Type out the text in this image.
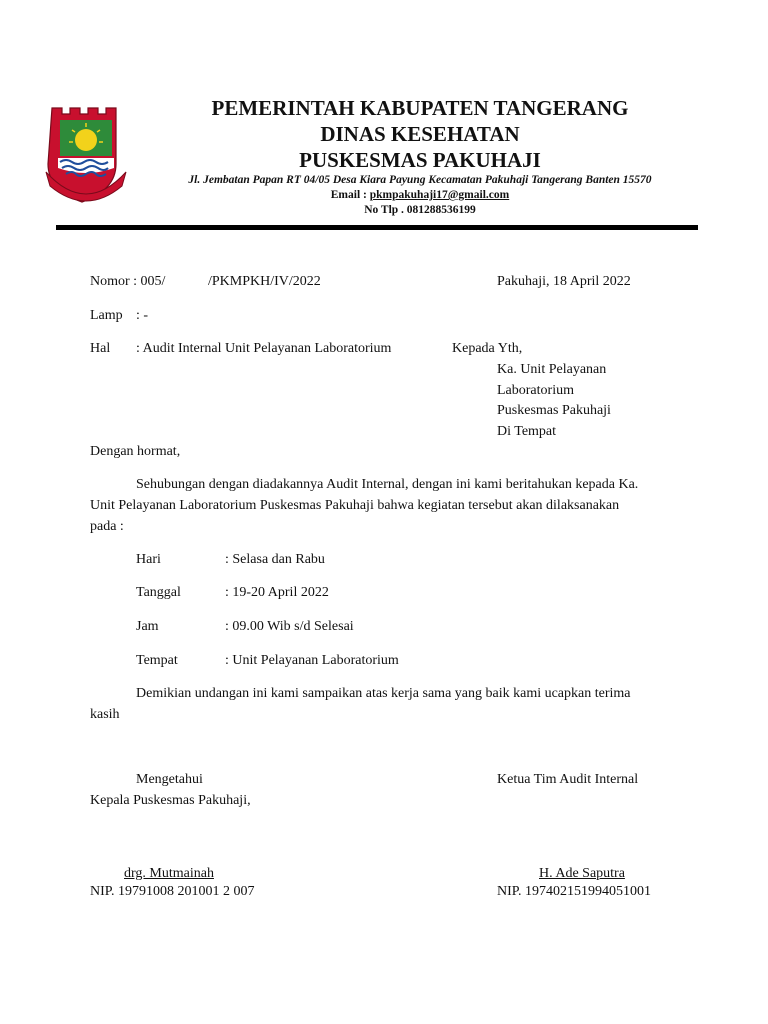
PEMERINTAH KABUPATEN TANGERANG
DINAS KESEHATAN
PUSKESMAS PAKUHAJI
Jl. Jembatan Papan RT 04/05 Desa Kiara Payung Kecamatan Pakuhaji Tangerang Banten 15570
Email : pkmpakuhaji17@gmail.com
No Tlp . 081288536199
Nomor : 005/	/PKMPKH/IV/2022	Pakuhaji, 18 April 2022
Lamp : -
Hal : Audit Internal Unit Pelayanan Laboratorium	Kepada Yth,
Ka. Unit Pelayanan
Laboratorium
Puskesmas Pakuhaji
Di Tempat
Dengan hormat,
Sehubungan dengan diadakannya Audit Internal, dengan ini kami beritahukan kepada Ka.
Unit Pelayanan Laboratorium Puskesmas Pakuhaji bahwa kegiatan tersebut akan dilaksanakan
pada :
Hari	: Selasa dan Rabu
Tanggal	: 19-20 April 2022
Jam	: 09.00 Wib s/d Selesai
Tempat	: Unit Pelayanan Laboratorium
Demikian undangan ini kami sampaikan atas kerja sama yang baik kami ucapkan terima
kasih
Mengetahui
Kepala Puskesmas Pakuhaji,
Ketua Tim Audit Internal
drg. Mutmainah
NIP. 19791008 201001 2 007
H. Ade Saputra
NIP. 197402151994051001
